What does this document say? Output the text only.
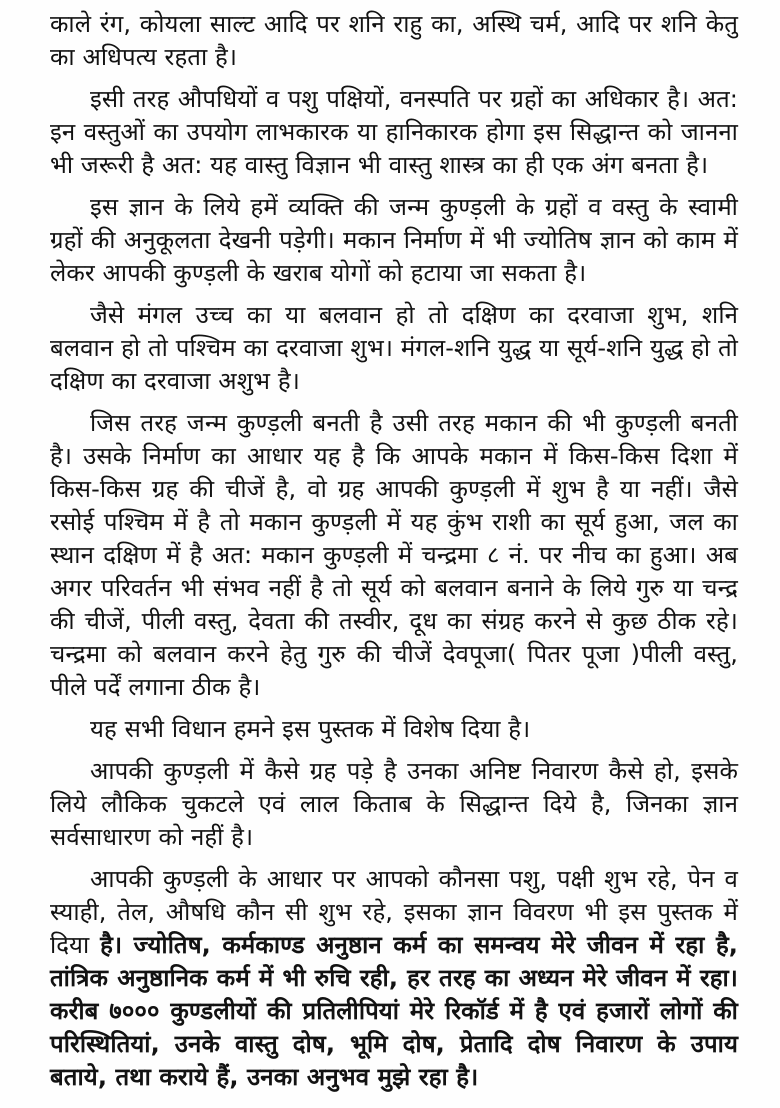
काले रंग, कोयला साल्ट आदि पर शनि राहु का, अस्थि चर्म, आदि पर शनि केतु का अधिपत्य रहता है।

इसी तरह औपधियों व पशु पक्षियों, वनस्पति पर ग्रहों का अधिकार है। अत: इन वस्तुओं का उपयोग लाभकारक या हानिकारक होगा इस सिद्धान्त को जानना भी जरूरी है अत: यह वास्तु विज्ञान भी वास्तु शास्त्र का ही एक अंग बनता है।

इस ज्ञान के लिये हमें व्यक्ति की जन्म कुण्ड़ली के ग्रहों व वस्तु के स्वामी ग्रहों की अनुकूलता देखनी पड़ेगी। मकान निर्माण में भी ज्योतिष ज्ञान को काम में लेकर आपकी कुण्ड़ली के खराब योगों को हटाया जा सकता है।

जैसे मंगल उच्च का या बलवान हो तो दक्षिण का दरवाजा शुभ, शनि बलवान हो तो पश्चिम का दरवाजा शुभ। मंगल-शनि युद्ध या सूर्य-शनि युद्ध हो तो दक्षिण का दरवाजा अशुभ है।

जिस तरह जन्म कुण्ड़ली बनती है उसी तरह मकान की भी कुण्ड़ली बनती है। उसके निर्माण का आधार यह है कि आपके मकान में किस-किस दिशा में किस-किस ग्रह की चीजें है, वो ग्रह आपकी कुण्ड़ली में शुभ है या नहीं। जैसे रसोई पश्चिम में है तो मकान कुण्ड़ली में यह कुंभ राशी का सूर्य हुआ, जल का स्थान दक्षिण में है अत: मकान कुण्ड़ली में चन्द्रमा ८ नं. पर नीच का हुआ। अब अगर परिवर्तन भी संभव नहीं है तो सूर्य को बलवान बनाने के लिये गुरु या चन्द्र की चीजें, पीली वस्तु, देवता की तस्वीर, दूध का संग्रह करने से कुछ ठीक रहे। चन्द्रमा को बलवान करने हेतु गुरु की चीजें देवपूजा( पितर पूजा )पीली वस्तु, पीले पर्दें लगाना ठीक है।

यह सभी विधान हमने इस पुस्तक में विशेष दिया है।

आपकी कुण्ड़ली में कैसे ग्रह पड़े है उनका अनिष्ट निवारण कैसे हो, इसके लिये लौकिक चुकटले एवं लाल किताब के सिद्धान्त दिये है, जिनका ज्ञान सर्वसाधारण को नहीं है।

आपकी कुण्ड़ली के आधार पर आपको कौनसा पशु, पक्षी शुभ रहे, पेन व स्याही, तेल, औषधि कौन सी शुभ रहे, इसका ज्ञान विवरण भी इस पुस्तक में दिया है। ज्योतिष, कर्मकाण्ड अनुष्ठान कर्म का समन्वय मेरे जीवन में रहा है, तांत्रिक अनुष्ठानिक कर्म में भी रुचि रही, हर तरह का अध्यन मेरे जीवन में रहा। करीब ७००० कुण्डलीयों की प्रतिलीपियां मेरे रिकॉर्ड में है एवं हजारों लोगों की परिस्थितियां, उनके वास्तु दोष, भूमि दोष, प्रेतादि दोष निवारण के उपाय बताये, तथा कराये हैं, उनका अनुभव मुझे रहा है।
